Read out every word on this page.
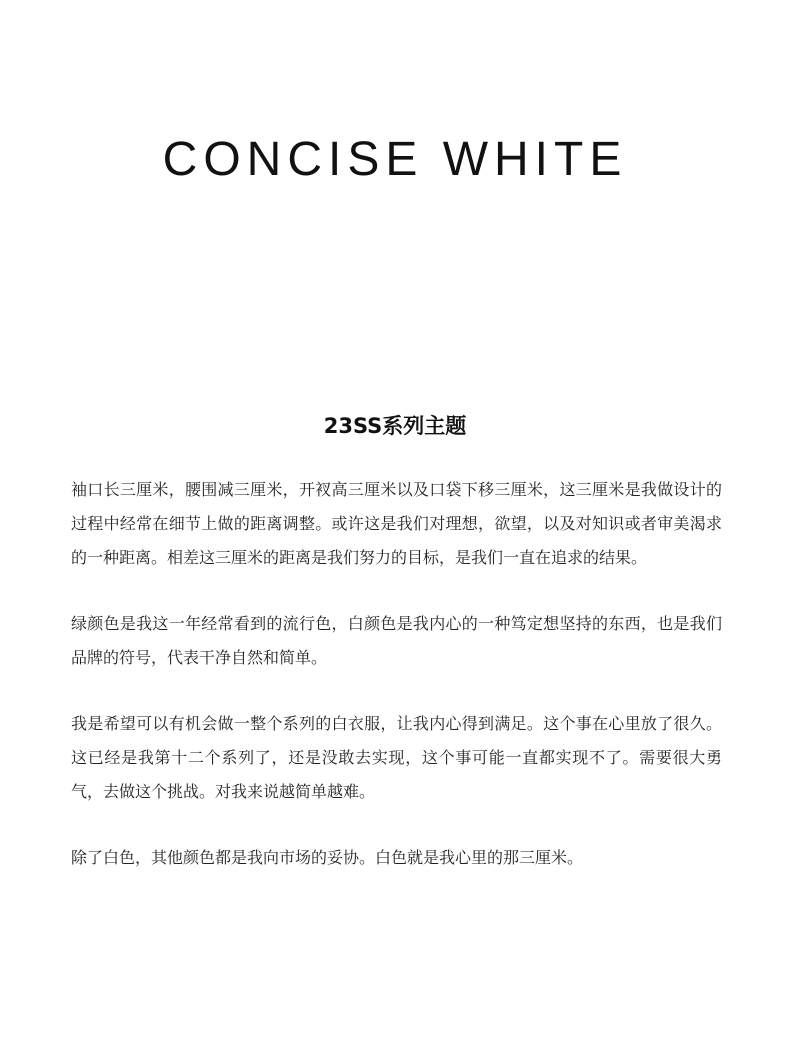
CONCISE WHITE
23SS系列主题

袖口长三厘米，腰围减三厘米，开衩高三厘米以及口袋下移三厘米，这三厘米是我做设计的过程中经常在细节上做的距离调整。或许这是我们对理想，欲望，以及对知识或者审美渴求的一种距离。相差这三厘米的距离是我们努力的目标，是我们一直在追求的结果。

绿颜色是我这一年经常看到的流行色，白颜色是我内心的一种笃定想坚持的东西，也是我们品牌的符号，代表干净自然和简单。

我是希望可以有机会做一整个系列的白衣服，让我内心得到满足。这个事在心里放了很久。这已经是我第十二个系列了，还是没敢去实现，这个事可能一直都实现不了。需要很大勇气，去做这个挑战。对我来说越简单越难。

除了白色，其他颜色都是我向市场的妥协。白色就是我心里的那三厘米。
